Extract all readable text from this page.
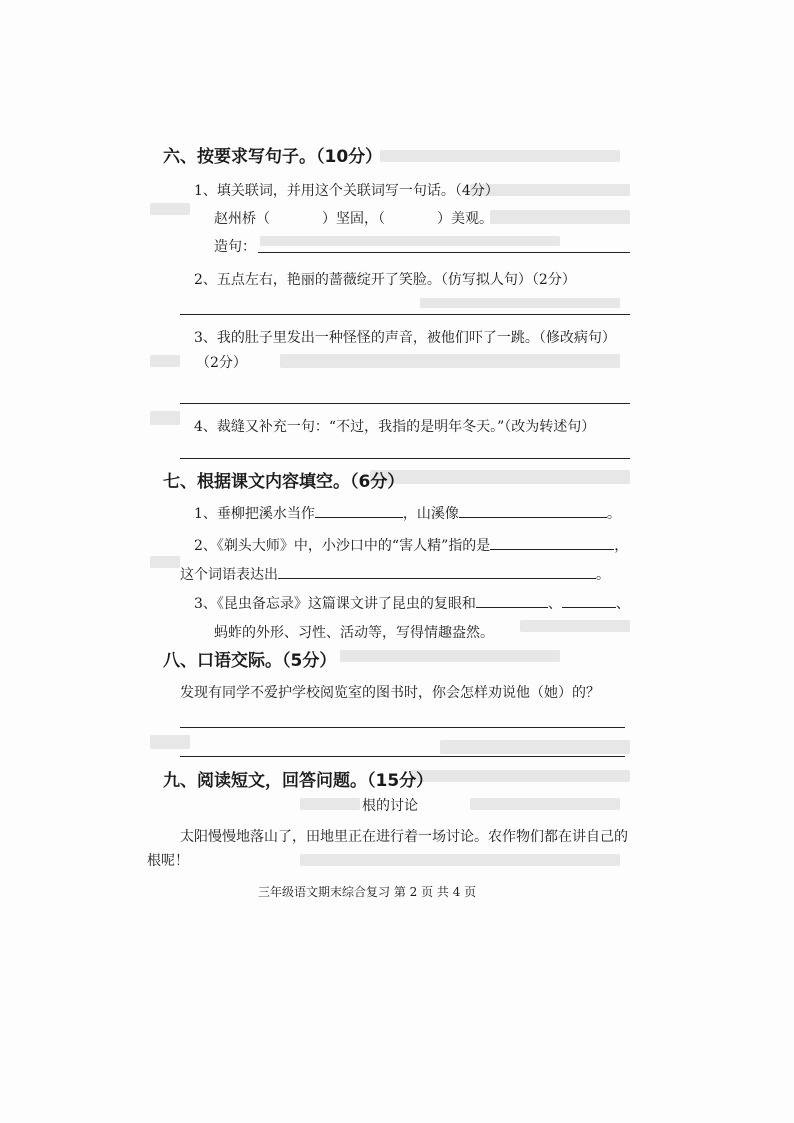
六、按要求写句子。（10分）
1、填关联词，并用这个关联词写一句话。（4分）
赵州桥（	）坚固，（	）美观。
造句：
2、五点左右，艳丽的蔷薇绽开了笑脸。（仿写拟人句）（2分）
3、我的肚子里发出一种怪怪的声音，被他们吓了一跳。（修改病句）
（2分）
4、裁缝又补充一句：“不过，我指的是明年冬天。”（改为转述句）
七、根据课文内容填空。（6分）
1、垂柳把溪水当作	，山溪像	。
2、《剃头大师》中，小沙口中的“害人精”指的是	，
这个词语表达出	。
3、《昆虫备忘录》这篇课文讲了昆虫的复眼和	、	、
蚂蚱的外形、习性、活动等，写得情趣盎然。
八、口语交际。（5分）
发现有同学不爱护学校阅览室的图书时，你会怎样劝说他（她）的？
九、阅读短文，回答问题。（15分）
根的讨论
太阳慢慢地落山了，田地里正在进行着一场讨论。农作物们都在讲自己的
根呢！
三年级语文期末综合复习 第 2 页 共 4 页
